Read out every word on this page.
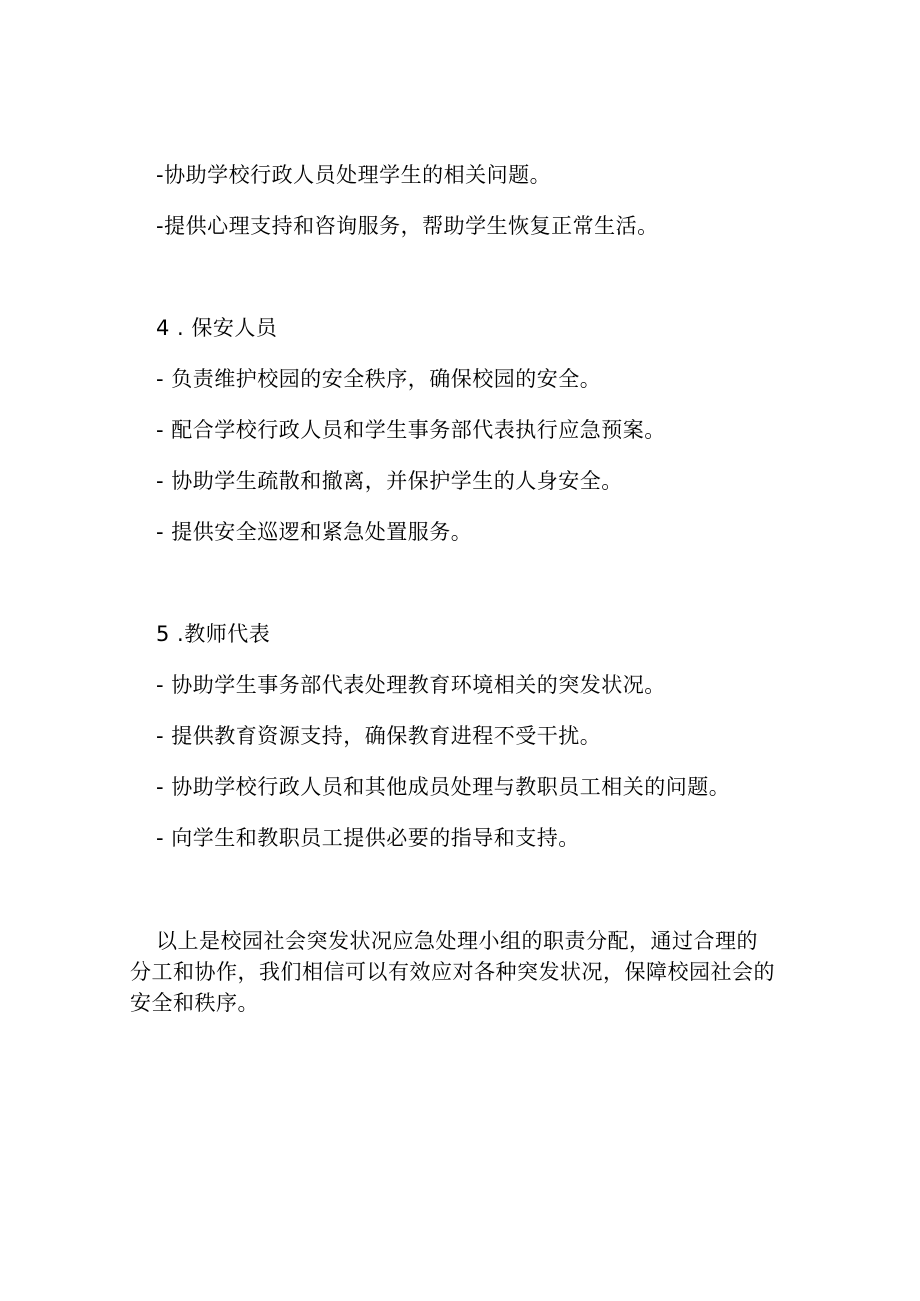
-协助学校行政人员处理学生的相关问题。
-提供心理支持和咨询服务，帮助学生恢复正常生活。
4 . 保安人员
- 负责维护校园的安全秩序，确保校园的安全。
- 配合学校行政人员和学生事务部代表执行应急预案。
- 协助学生疏散和撤离，并保护学生的人身安全。
- 提供安全巡逻和紧急处置服务。
5 .教师代表
- 协助学生事务部代表处理教育环境相关的突发状况。
- 提供教育资源支持，确保教育进程不受干扰。
- 协助学校行政人员和其他成员处理与教职员工相关的问题。
- 向学生和教职员工提供必要的指导和支持。
以上是校园社会突发状况应急处理小组的职责分配，通过合理的
分工和协作，我们相信可以有效应对各种突发状况，保障校园社会的
安全和秩序。
